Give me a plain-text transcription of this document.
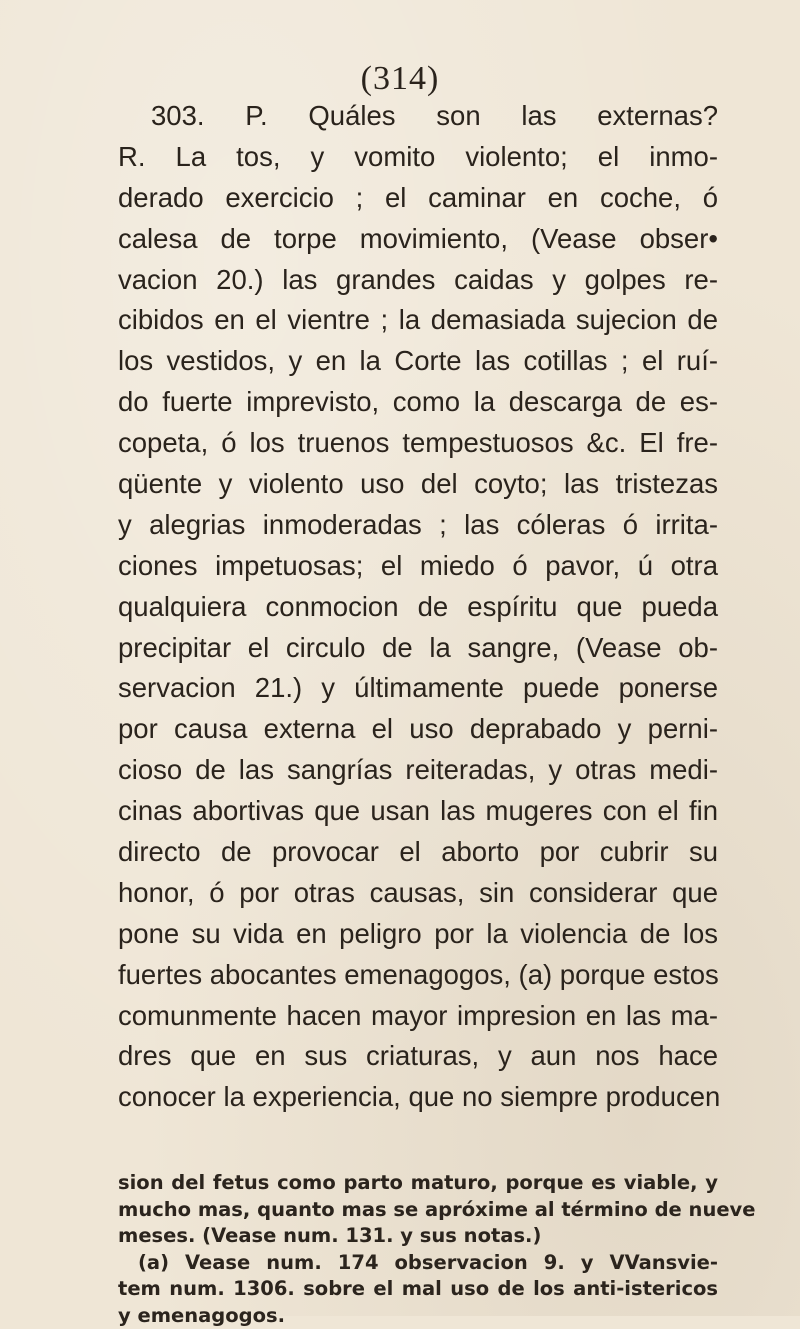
(314)
303. P. Quáles son las externas?
R. La tos, y vomito violento; el inmo-
derado exercicio ; el caminar en coche, ó
calesa de torpe movimiento, (Vease obser•
vacion 20.) las grandes caidas y golpes re-
cibidos en el vientre ; la demasiada sujecion de
los vestidos, y en la Corte las cotillas ; el ruí-
do fuerte imprevisto, como la descarga de es-
copeta, ó los truenos tempestuosos &c. El fre-
qüente y violento uso del coyto; las tristezas
y alegrias inmoderadas ; las cóleras ó irrita-
ciones impetuosas; el miedo ó pavor, ú otra
qualquiera conmocion de espíritu que pueda
precipitar el circulo de la sangre, (Vease ob-
servacion 21.) y últimamente puede ponerse
por causa externa el uso deprabado y perni-
cioso de las sangrías reiteradas, y otras medi-
cinas abortivas que usan las mugeres con el fin
directo de provocar el aborto por cubrir su
honor, ó por otras causas, sin considerar que
pone su vida en peligro por la violencia de los
fuertes abocantes emenagogos, (a) porque estos
comunmente hacen mayor impresion en las ma-
dres que en sus criaturas, y aun nos hace
conocer la experiencia, que no siempre producen
sion del fetus como parto maturo, porque es viable, y
mucho mas, quanto mas se apróxime al término de nueve
meses. (Vease num. 131. y sus notas.)
(a) Vease num. 174 observacion 9. y VVansvie-
tem num. 1306. sobre el mal uso de los anti-istericos
y emenagogos.
